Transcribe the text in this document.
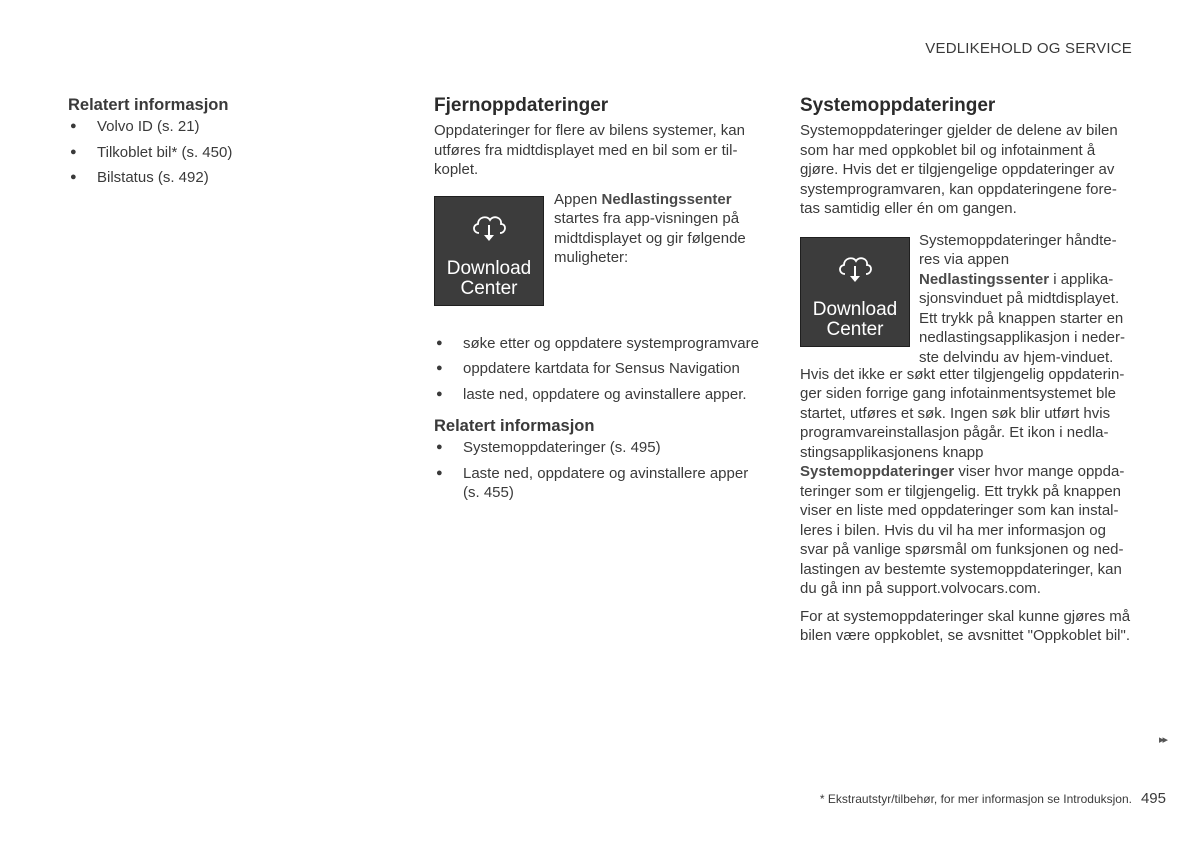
VEDLIKEHOLD OG SERVICE
Relatert informasjon
● Volvo ID (s. 21)
● Tilkoblet bil* (s. 450)
● Bilstatus (s. 492)
Fjernoppdateringer

Oppdateringer for flere av bilens systemer, kan utføres fra midtdisplayet med en bil som er til-koplet.

Download
Center
Appen Nedlastingssenter startes fra app-visningen på midtdisplayet og gir følgende muligheter:
● søke etter og oppdatere systemprogramvare
● oppdatere kartdata for Sensus Navigation
● laste ned, oppdatere og avinstallere apper.
Relatert informasjon
● Systemoppdateringer (s. 495)
● Laste ned, oppdatere og avinstallere apper (s. 455)
Systemoppdateringer

Systemoppdateringer gjelder de delene av bilen som har med oppkoblet bil og infotainment å gjøre. Hvis det er tilgjengelige oppdateringer av systemprogramvaren, kan oppdateringene fore-tas samtidig eller én om gangen.

Download
Center
Systemoppdateringer håndte-res via appen Nedlastingssenter i applika-sjonsvinduet på midtdisplayet. Ett trykk på knappen starter en nedlastingsapplikasjon i neder-ste delvindu av hjem-vinduet.

Hvis det ikke er søkt etter tilgjengelig oppdaterin-ger siden forrige gang infotainmentsystemet ble startet, utføres et søk. Ingen søk blir utført hvis programvareinstallasjon pågår. Et ikon i nedla-stingsapplikasjonens knapp Systemoppdateringer viser hvor mange oppda-teringer som er tilgjengelig. Ett trykk på knappen viser en liste med oppdateringer som kan instal-leres i bilen. Hvis du vil ha mer informasjon og svar på vanlige spørsmål om funksjonen og ned-lastingen av bestemte systemoppdateringer, kan du gå inn på support.volvocars.com.

For at systemoppdateringer skal kunne gjøres må bilen være oppkoblet, se avsnittet "Oppkoblet bil".

▸▸
* Ekstrautstyr/tilbehør, for mer informasjon se Introduksjon. 495
